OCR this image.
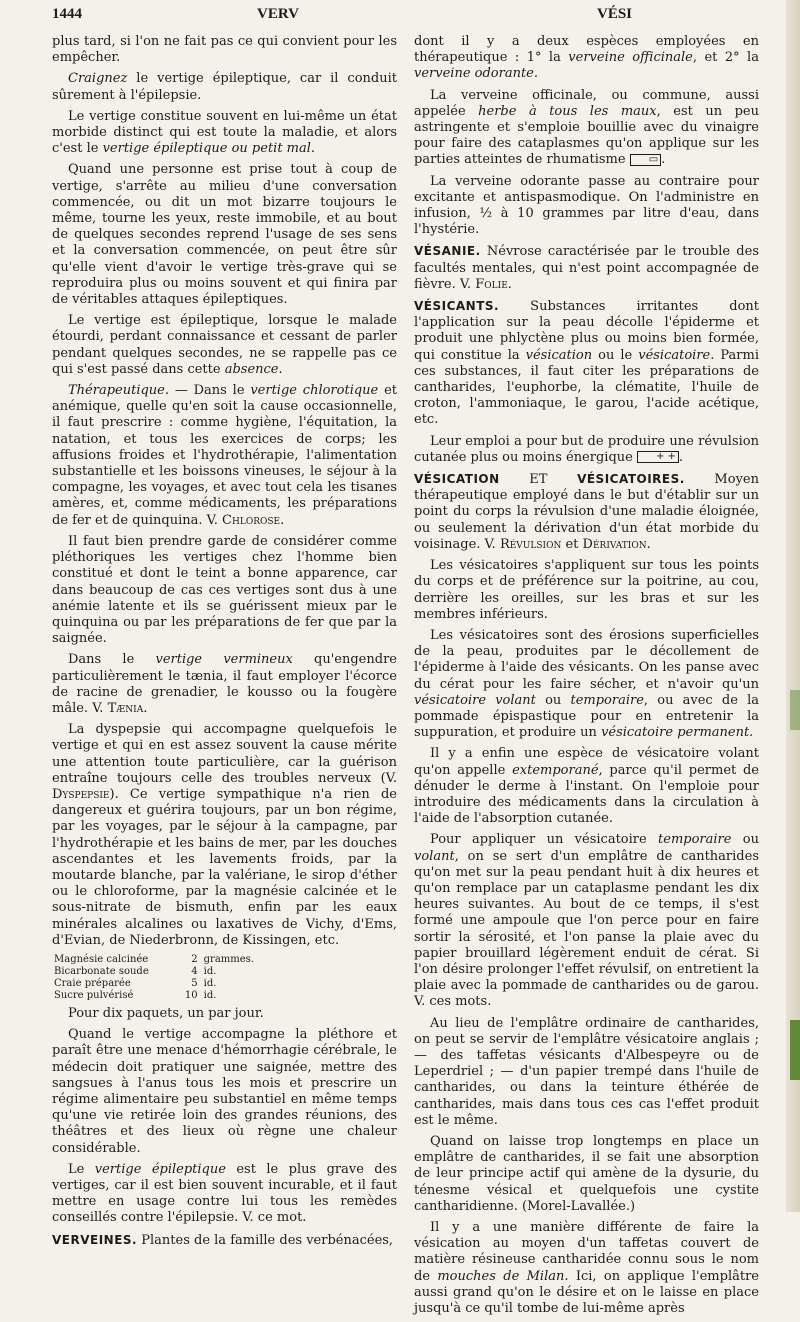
1444	VERV	VÉSI

plus tard, si l'on ne fait pas ce qui convient pour les empêcher.

Craignez le vertige épileptique, car il conduit sûrement à l'épilepsie.

Le vertige constitue souvent en lui-même un état morbide distinct qui est toute la maladie, et alors c'est le vertige épileptique ou petit mal.

Quand une personne est prise tout à coup de vertige, s'arrête au milieu d'une conversation commencée, ou dit un mot bizarre toujours le même, tourne les yeux, reste immobile, et au bout de quelques secondes reprend l'usage de ses sens et la conversation commencée, on peut être sûr qu'elle vient d'avoir le vertige très-grave qui se reproduira plus ou moins souvent et qui finira par de véritables attaques épileptiques.

Le vertige est épileptique, lorsque le malade étourdi, perdant connaissance et cessant de parler pendant quelques secondes, ne se rappelle pas ce qui s'est passé dans cette absence.

Thérapeutique. — Dans le vertige chlorotique et anémique, quelle qu'en soit la cause occasionnelle, il faut prescrire : comme hygiène, l'équitation, la natation, et tous les exercices de corps; les affusions froides et l'hydrothérapie, l'alimentation substantielle et les boissons vineuses, le séjour à la compagne, les voyages, et avec tout cela les tisanes amères, et, comme médicaments, les préparations de fer et de quinquina. V. Chlorose.

Il faut bien prendre garde de considérer comme pléthoriques les vertiges chez l'homme bien constitué et dont le teint a bonne apparence, car dans beaucoup de cas ces vertiges sont dus à une anémie latente et ils se guérissent mieux par le quinquina ou par les préparations de fer que par la saignée.

Dans le vertige vermineux qu'engendre particulièrement le tænia, il faut employer l'écorce de racine de grenadier, le kousso ou la fougère mâle. V. Tænia.

La dyspepsie qui accompagne quelquefois le vertige et qui en est assez souvent la cause mérite une attention toute particulière, car la guérison entraîne toujours celle des troubles nerveux (V. Dyspepsie). Ce vertige sympathique n'a rien de dangereux et guérira toujours, par un bon régime, par les voyages, par le séjour à la campagne, par l'hydrothérapie et les bains de mer, par les douches ascendantes et les lavements froids, par la moutarde blanche, par la valériane, le sirop d'éther ou le chloroforme, par la magnésie calcinée et le sous-nitrate de bismuth, enfin par les eaux minérales alcalines ou laxatives de Vichy, d'Ems, d'Evian, de Niederbronn, de Kissingen, etc.

Magnésie calcinée	2	grammes.
Bicarbonate soude	4	id.
Craie préparée	5	id.
Sucre pulvérisé	10	id.

Pour dix paquets, un par jour.

Quand le vertige accompagne la pléthore et paraît être une menace d'hémorrhagie cérébrale, le médecin doit pratiquer une saignée, mettre des sangsues à l'anus tous les mois et prescrire un régime alimentaire peu substantiel en même temps qu'une vie retirée loin des grandes réunions, des théâtres et des lieux où règne une chaleur considérable.

Le vertige épileptique est le plus grave des vertiges, car il est bien souvent incurable, et il faut mettre en usage contre lui tous les remèdes conseillés contre l'épilepsie. V. ce mot.

VERVEINES. Plantes de la famille des verbénacées,

dont il y a deux espèces employées en thérapeutique : 1° la verveine officinale, et 2° la verveine odorante.

La verveine officinale, ou commune, aussi appelée herbe à tous les maux, est un peu astringente et s'emploie bouillie avec du vinaigre pour faire des cataplasmes qu'on applique sur les parties atteintes de rhumatisme ▭ .

La verveine odorante passe au contraire pour excitante et antispasmodique. On l'administre en infusion, ½ à 10 grammes par litre d'eau, dans l'hystérie.

VÉSANIE. Névrose caractérisée par le trouble des facultés mentales, qui n'est point accompagnée de fièvre. V. Folie.

VÉSICANTS. Substances irritantes dont l'application sur la peau décolle l'épiderme et produit une phlyctène plus ou moins bien formée, qui constitue la vésication ou le vésicatoire. Parmi ces substances, il faut citer les préparations de cantharides, l'euphorbe, la clématite, l'huile de croton, l'ammoniaque, le garou, l'acide acétique, etc.

Leur emploi a pour but de produire une révulsion cutanée plus ou moins énergique + + .

VÉSICATION ET VÉSICATOIRES. Moyen thérapeutique employé dans le but d'établir sur un point du corps la révulsion d'une maladie éloignée, ou seulement la dérivation d'un état morbide du voisinage. V. Révulsion et Dérivation.

Les vésicatoires s'appliquent sur tous les points du corps et de préférence sur la poitrine, au cou, derrière les oreilles, sur les bras et sur les membres inférieurs.

Les vésicatoires sont des érosions superficielles de la peau, produites par le décollement de l'épiderme à l'aide des vésicants. On les panse avec du cérat pour les faire sécher, et n'avoir qu'un vésicatoire volant ou temporaire, ou avec de la pommade épispastique pour en entretenir la suppuration, et produire un vésicatoire permanent.

Il y a enfin une espèce de vésicatoire volant qu'on appelle extemporané, parce qu'il permet de dénuder le derme à l'instant. On l'emploie pour introduire des médicaments dans la circulation à l'aide de l'absorption cutanée.

Pour appliquer un vésicatoire temporaire ou volant, on se sert d'un emplâtre de cantharides qu'on met sur la peau pendant huit à dix heures et qu'on remplace par un cataplasme pendant les dix heures suivantes. Au bout de ce temps, il s'est formé une ampoule que l'on perce pour en faire sortir la sérosité, et l'on panse la plaie avec du papier brouillard légèrement enduit de cérat. Si l'on désire prolonger l'effet révulsif, on entretient la plaie avec la pommade de cantharides ou de garou. V. ces mots.

Au lieu de l'emplâtre ordinaire de cantharides, on peut se servir de l'emplâtre vésicatoire anglais ; — des taffetas vésicants d'Albespeyre ou de Leperdriel ; — d'un papier trempé dans l'huile de cantharides, ou dans la teinture éthérée de cantharides, mais dans tous ces cas l'effet produit est le même.

Quand on laisse trop longtemps en place un emplâtre de cantharides, il se fait une absorption de leur principe actif qui amène de la dysurie, du ténesme vésical et quelquefois une cystite cantharidienne. (Morel-Lavallée.)

Il y a une manière différente de faire la vésication au moyen d'un taffetas couvert de matière résineuse cantharidée connu sous le nom de mouches de Milan. Ici, on applique l'emplâtre aussi grand qu'on le désire et on le laisse en place jusqu'à ce qu'il tombe de lui-même après
